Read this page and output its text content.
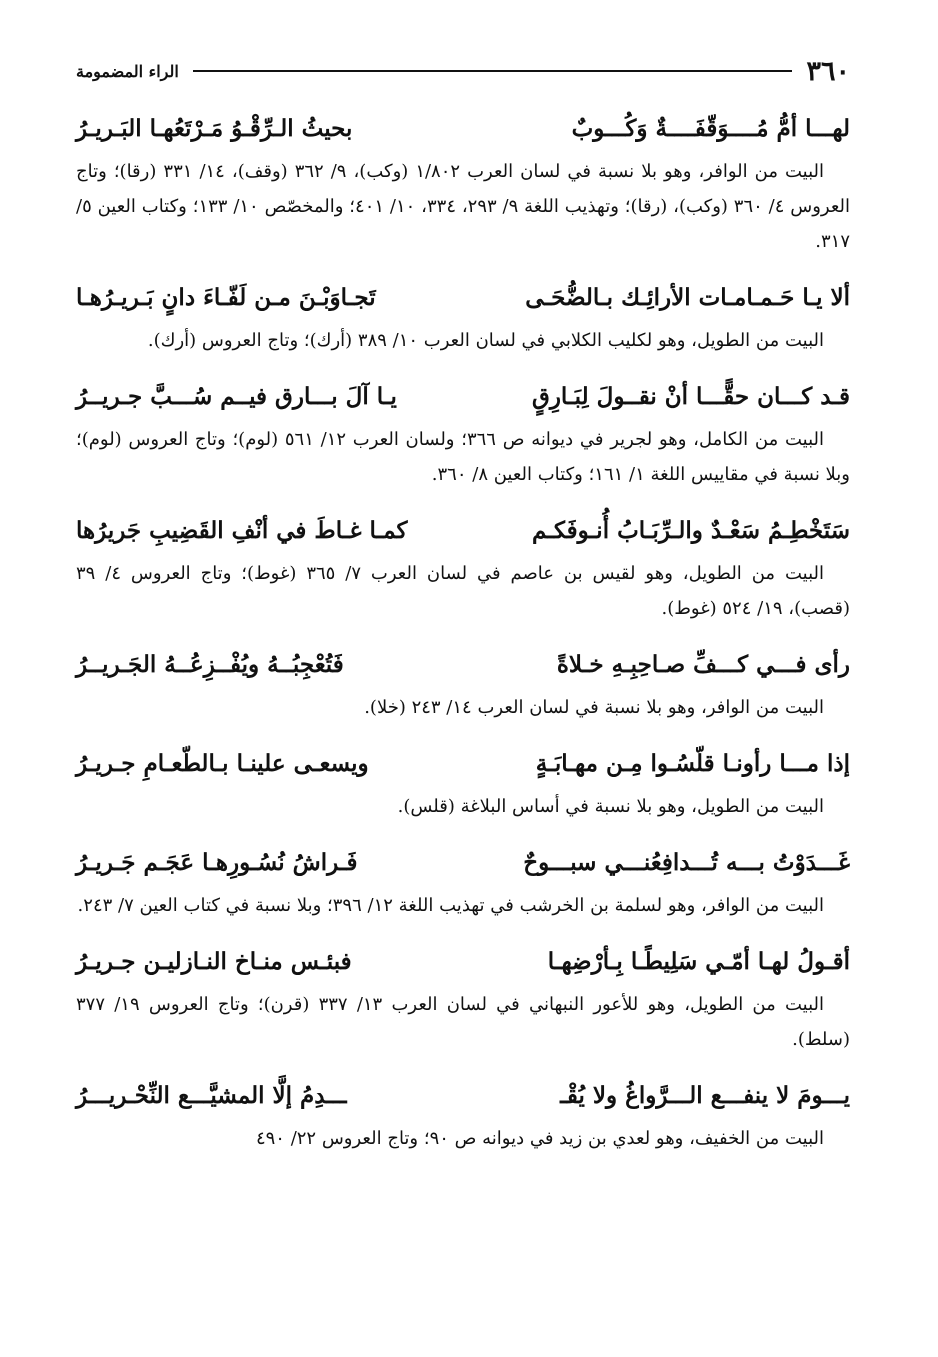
٣٦٠
الراء المضمومة
لهـــا أمُّ مُــــوَقّفَــــةٌ وَكُـــوبٌ
بحيثُ الـرِّقْـوُ مَـرْتَعُهـا البَـريـرُ
البيت من الوافر، وهو بلا نسبة في لسان العرب ١/٨٠٢ (وكب)، ٩/ ٣٦٢ (وقف)، ١٤/ ٣٣١ (رقا)؛ وتاج العروس ٤/ ٣٦٠ (وكب)، (رقا)؛ وتهذيب اللغة ٩/ ٢٩٣، ٣٣٤، ١٠/ ٤٠١؛ والمخصّص ١٠/ ١٣٣؛ وكتاب العين ٥/ ٣١٧.
ألا يـا حَـمـامـات الأرائِـك بـالضُّحَـى
تَجـاوَبْـنَ مـن لَفّـاءَ دانٍ بَـريـرُهـا
البيت من الطويل، وهو لكليب الكلابي في لسان العرب ١٠/ ٣٨٩ (أرك)؛ وتاج العروس (أرك).
قـد كـــان حقًّـــا أنْ نقــولَ لِبَـارِقٍ
يـا آلَ بـــارق فيــم سُـــبَّ جـريــرُ
البيت من الكامل، وهو لجرير في ديوانه ص ٣٦٦؛ ولسان العرب ١٢/ ٥٦١ (لوم)؛ وتاج العروس (لوم)؛ وبلا نسبة في مقاييس اللغة ١/ ١٦١؛ وكتاب العين ٨/ ٣٦٠.
سَتَخْطِـمُ سَعْـدٌ والـرِّبَـابُ أُنـوفَكـم
كمـا غـاطَ في أنْفِ القَضِيبِ جَريرُها
البيت من الطويل، وهو لقيس بن عاصم في لسان العرب ٧/ ٣٦٥ (غوط)؛ وتاج العروس ٤/ ٣٩ (قصب)، ١٩/ ٥٢٤ (غوط).
رأى فـــي كـــفِّ صـاحِبِـهِ خـلاةً
فَتُعْجِبُــهُ ويُفْــزِعُــهُ الجَـريــرُ
البيت من الوافر، وهو بلا نسبة في لسان العرب ١٤/ ٢٤٣ (خلا).
إذا مـــا رأونـا قلّسُـوا مِـن مهـابَـةٍ
ويسعـى علينـا بـالطّعـامِ جـريـرُ
البيت من الطويل، وهو بلا نسبة في أساس البلاغة (قلس).
غَـــدَوْتُ بـــه تُـــدافِعُنـــي سبـــوحٌ
فَـراشُ نُسُـورِهـا عَجَـم جَـريـرُ
البيت من الوافر، وهو لسلمة بن الخرشب في تهذيب اللغة ١٢/ ٣٩٦؛ وبلا نسبة في كتاب العين ٧/ ٢٤٣.
أقـولُ لهـا أمّـي سَلِيطًـا بِـأرْضِهـا
فبئـس منـاخ النـازليـن جـريـرُ
البيت من الطويل، وهو للأعور النبهاني في لسان العرب ١٣/ ٣٣٧ (قرن)؛ وتاج العروس ١٩/ ٣٧٧ (سلط).
يـــومَ لا ينفـــع الـــرَّواغُ ولا يُقْـ
ـــدِمُ إلَّا المشيَّـــع النِّحْـريـــرُ
البيت من الخفيف، وهو لعدي بن زيد في ديوانه ص ٩٠؛ وتاج العروس ٢٢/ ٤٩٠
